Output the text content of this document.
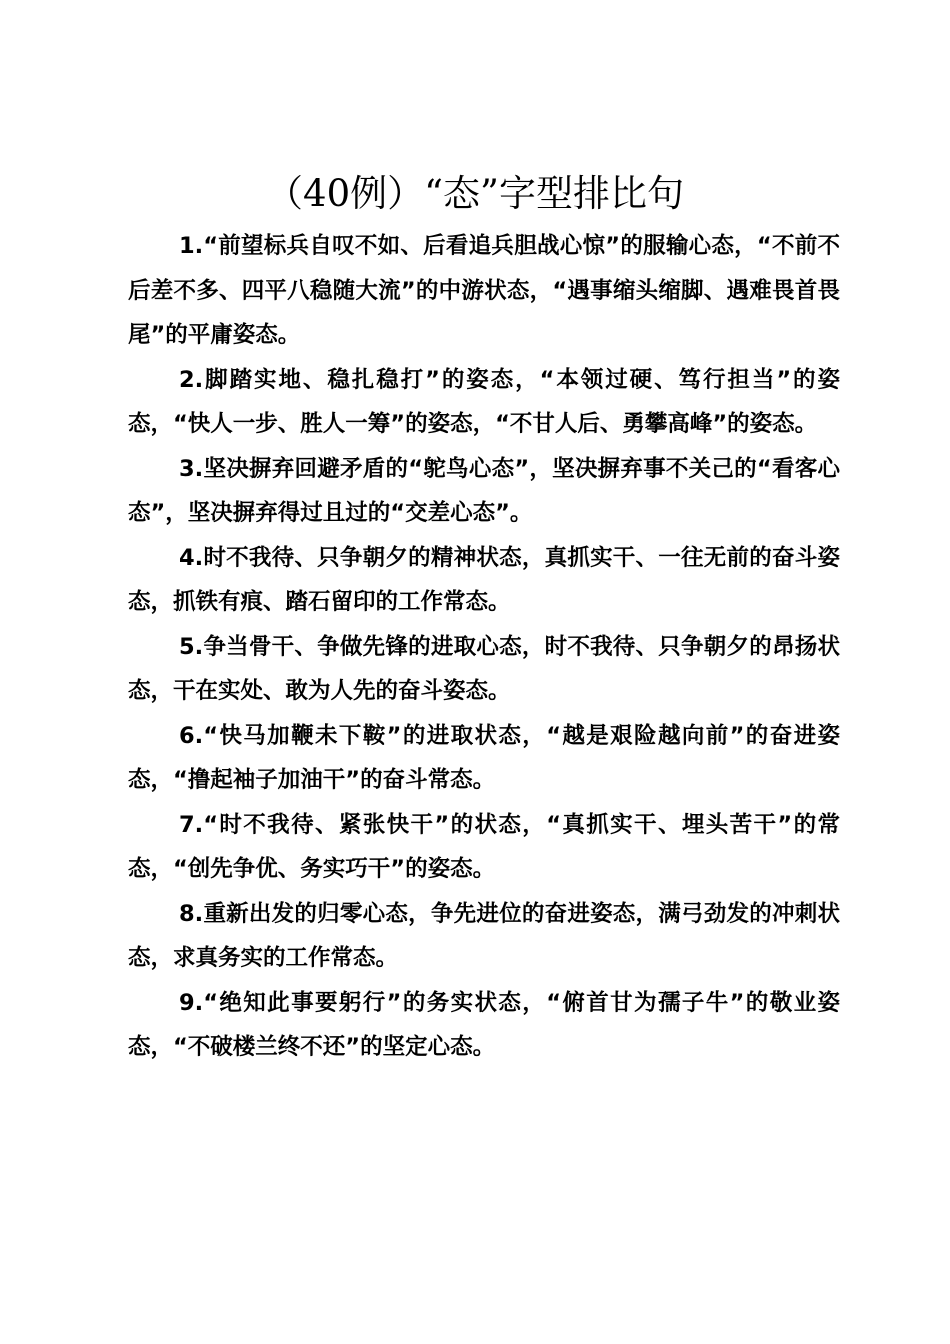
（40例）“态”字型排比句

1.“前望标兵自叹不如、后看追兵胆战心惊”的服输心态，“不前不后差不多、四平八稳随大流”的中游状态，“遇事缩头缩脚、遇难畏首畏尾”的平庸姿态。

2.脚踏实地、稳扎稳打”的姿态，“本领过硬、笃行担当”的姿态，“快人一步、胜人一筹”的姿态，“不甘人后、勇攀高峰”的姿态。

3.坚决摒弃回避矛盾的“鸵鸟心态”，坚决摒弃事不关己的“看客心态”，坚决摒弃得过且过的“交差心态”。

4.时不我待、只争朝夕的精神状态，真抓实干、一往无前的奋斗姿态，抓铁有痕、踏石留印的工作常态。

5.争当骨干、争做先锋的进取心态，时不我待、只争朝夕的昂扬状态，干在实处、敢为人先的奋斗姿态。

6.“快马加鞭未下鞍”的进取状态，“越是艰险越向前”的奋进姿态，“撸起袖子加油干”的奋斗常态。

7.“时不我待、紧张快干”的状态，“真抓实干、埋头苦干”的常态，“创先争优、务实巧干”的姿态。

8.重新出发的归零心态，争先进位的奋进姿态，满弓劲发的冲刺状态，求真务实的工作常态。

9.“绝知此事要躬行”的务实状态，“俯首甘为孺子牛”的敬业姿态，“不破楼兰终不还”的坚定心态。
